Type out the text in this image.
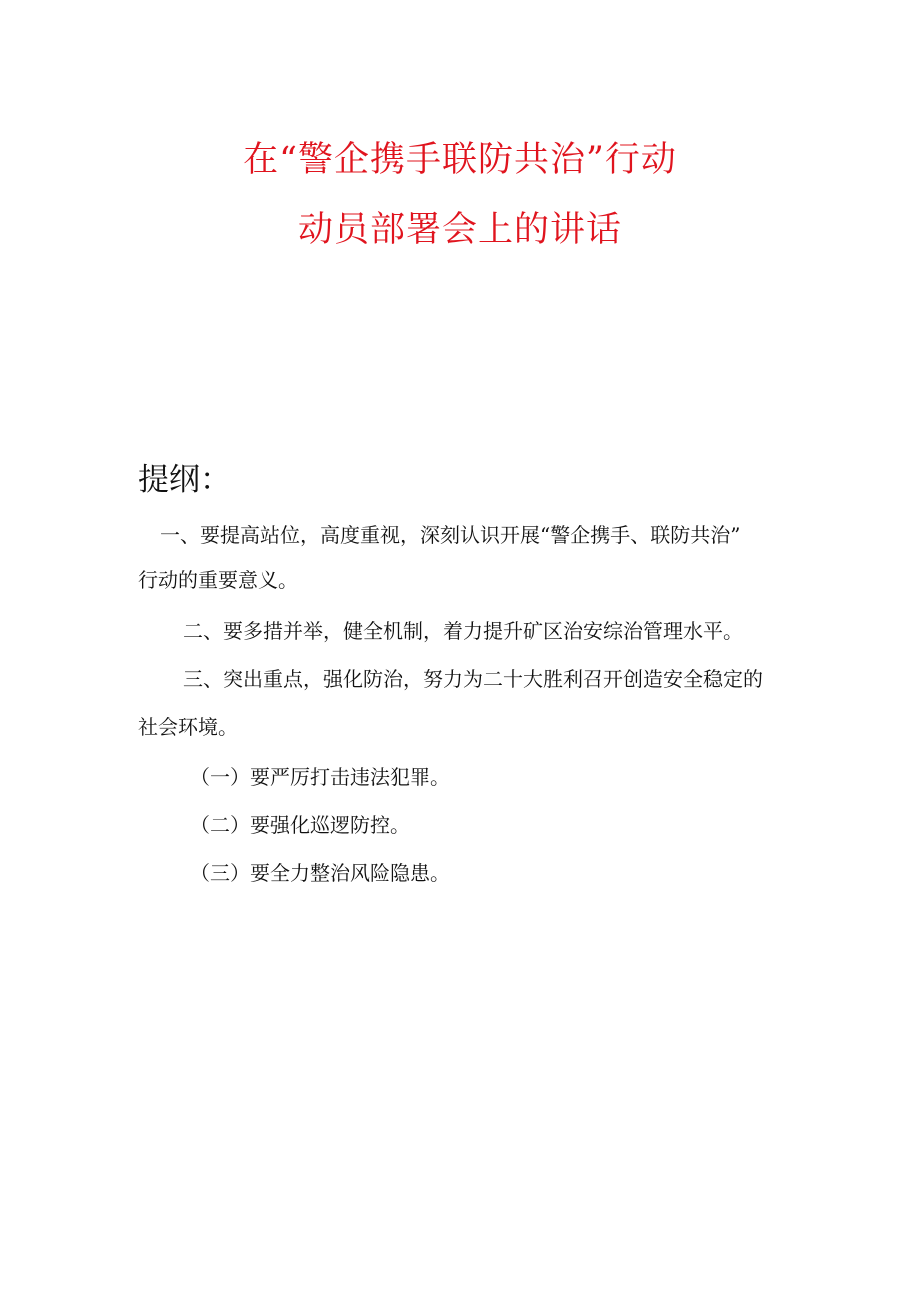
在“警企携手联防共治”行动
动员部署会上的讲话
提纲：
一、要提高站位，高度重视，深刻认识开展“警企携手、联防共治”
行动的重要意义。
二、要多措并举，健全机制，着力提升矿区治安综治管理水平。
三、突出重点，强化防治，努力为二十大胜利召开创造安全稳定的
社会环境。
（一）要严厉打击违法犯罪。
（二）要强化巡逻防控。
（三）要全力整治风险隐患。
